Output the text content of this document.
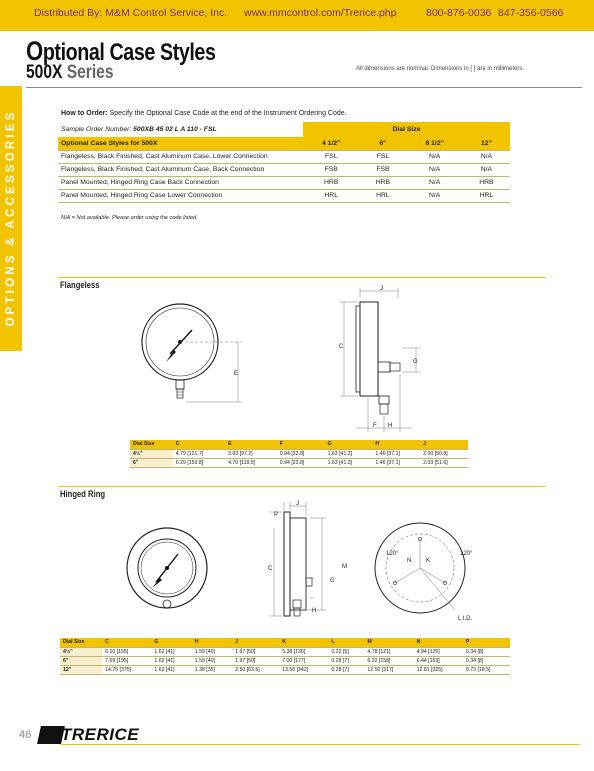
Distributed By: M&M Control Service, Inc. www.mmcontrol.com/Trerice.php	800-876-0036 847-356-0566
Optional Case Styles
500X Series	All dimensions are nominal. Dimensions in [ ] are in millimeters.
OPTIONS & ACCESSORIES	How to Order: Specify the Optional Case Code at the end of the Instrument Ordering Code.
Sample Order Number: 500XB 45 02 L A 110 - FSL	Dial Size			
Optional Case Styles for 500X	4 1/2"	6"	8 1/2"	12"
Flangeless, Black Finished, Cast Aluminum Case, Lower Connection	FSL	FSL	N/A	N/A
Flangeless, Black Finished, Cast Aluminum Case, Back Connection	FSB	FSB	N/A	N/A
Panel Mounted, Hinged Ring Case Back Connection	HRB	HRB	N/A	HRB
Panel Mounted, Hinged Ring Case Lower Connection	HRL	HRL	N/A	HRL
N/A = Not available. Please order using the code listed.
Flangeless
E
J
C
G
F H
Dial Size	C	E	F	G	H	J
4½"	4.79 [121.7]	3.83 [97.2]	0.94 [23.8]	1.63 [41.3]	1.46 [37.1]	2.00 [50.8]
6"	6.29 [159.8]	4.70 [119.5]	0.94 [23.8]	1.63 [41.3]	1.46 [37.1]	2.03 [51.6]
Hinged Ring
J
P
C	M
G
H
N K
120°	120°
L I.D.
Dial Size	C	G	H	J	K	L	M	N	P
4½"	6.10 [155]	1.62 [41]	1.59 [40]	1.97 [50]	5.38 [136]	0.22 [5]	4.78 [121]	4.94 [125]	0.34 [8]
6"	7.69 [195]	1.62 [41]	1.59 [40]	1.97 [50]	7.00 [177]	0.28 [7]	6.22 [158]	6.44 [163]	0.34 [8]
12"	14.75 [375]	1.62 [41]	1.38 [35]	2.50 [63.5]	13.50 [342]	0.28 [7]	12.50 [317]	12.81 [325]	0.73 [18.5]
46 TRERICE
